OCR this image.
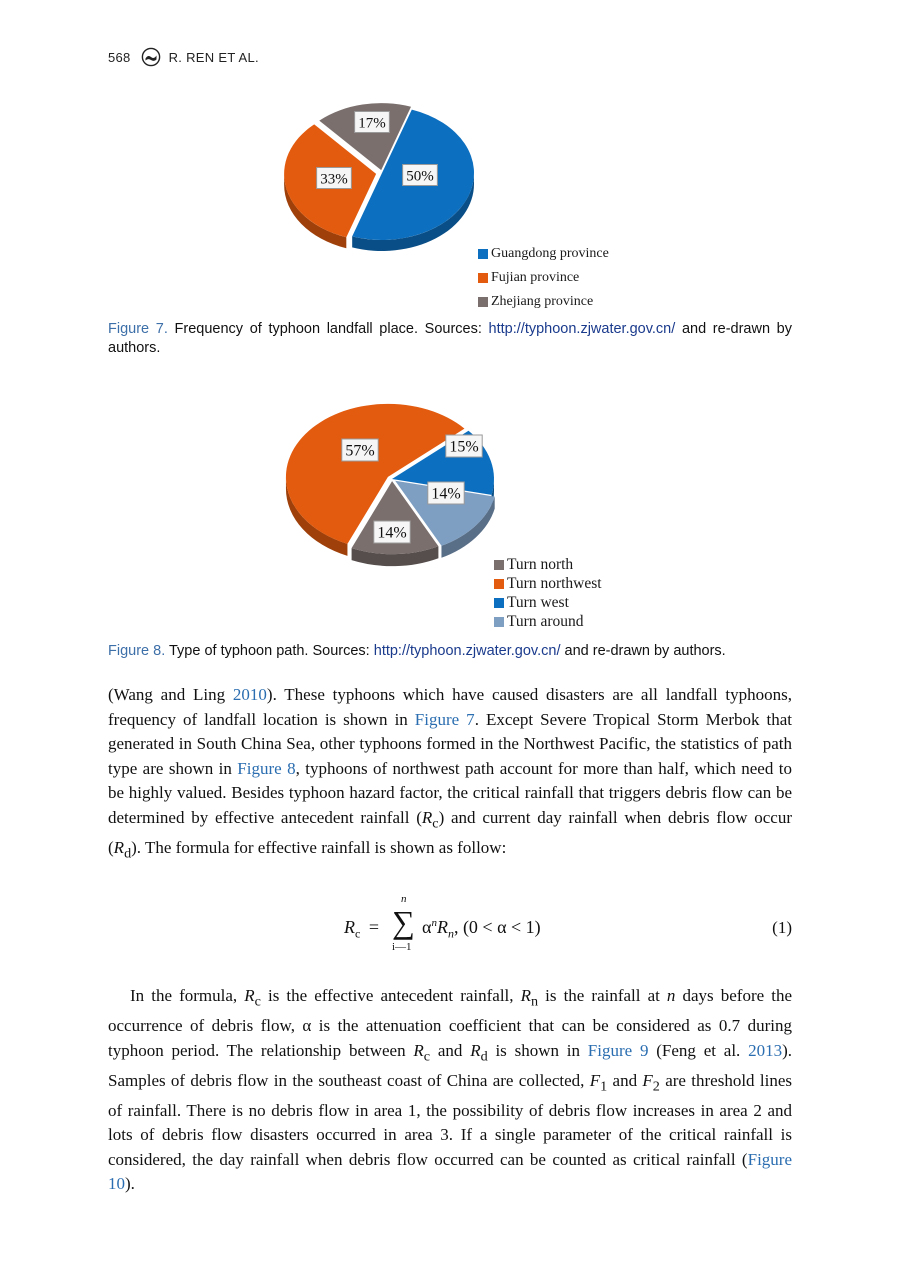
568	R. REN ET AL.
50%
33%
17%
Guangdong province
Fujian province
Zhejiang province
Figure 7. Frequency of typhoon landfall place. Sources: http://typhoon.zjwater.gov.cn/ and re-drawn by authors.
14%
57%	15%
14%
Turn north
Turn northwest
Turn west
Turn around
Figure 8. Type of typhoon path. Sources: http://typhoon.zjwater.gov.cn/ and re-drawn by authors.
(Wang and Ling 2010). These typhoons which have caused disasters are all landfall typhoons, frequency of landfall location is shown in Figure 7. Except Severe Tropical Storm Merbok that generated in South China Sea, other typhoons formed in the Northwest Pacific, the statistics of path type are shown in Figure 8, typhoons of northwest path account for more than half, which need to be highly valued. Besides typhoon hazard factor, the critical rainfall that triggers debris flow can be determined by effective antecedent rainfall $(R_c)$ and current day rainfall when debris flow occur $(R_d)$. The formula for effective rainfall is shown as follow:
$R_c$ = ∑
n
i—1
$\alpha^nR_n$, (0 < α < 1)	(1)
In the formula, $R_c$ is the effective antecedent rainfall, $R_n$ is the rainfall at n days before the occurrence of debris flow, α is the attenuation coefficient that can be considered as 0.7 during typhoon period. The relationship between $R_c$ and $R_d$ is shown in Figure 9 (Feng et al. 2013). Samples of debris flow in the southeast coast of China are collected, $F_1$ and $F_2$ are threshold lines of rainfall. There is no debris flow in area 1, the possibility of debris flow increases in area 2 and lots of debris flow disasters occurred in area 3. If a single parameter of the critical rainfall is considered, the day rainfall when debris flow occurred can be counted as critical rainfall (Figure 10).
